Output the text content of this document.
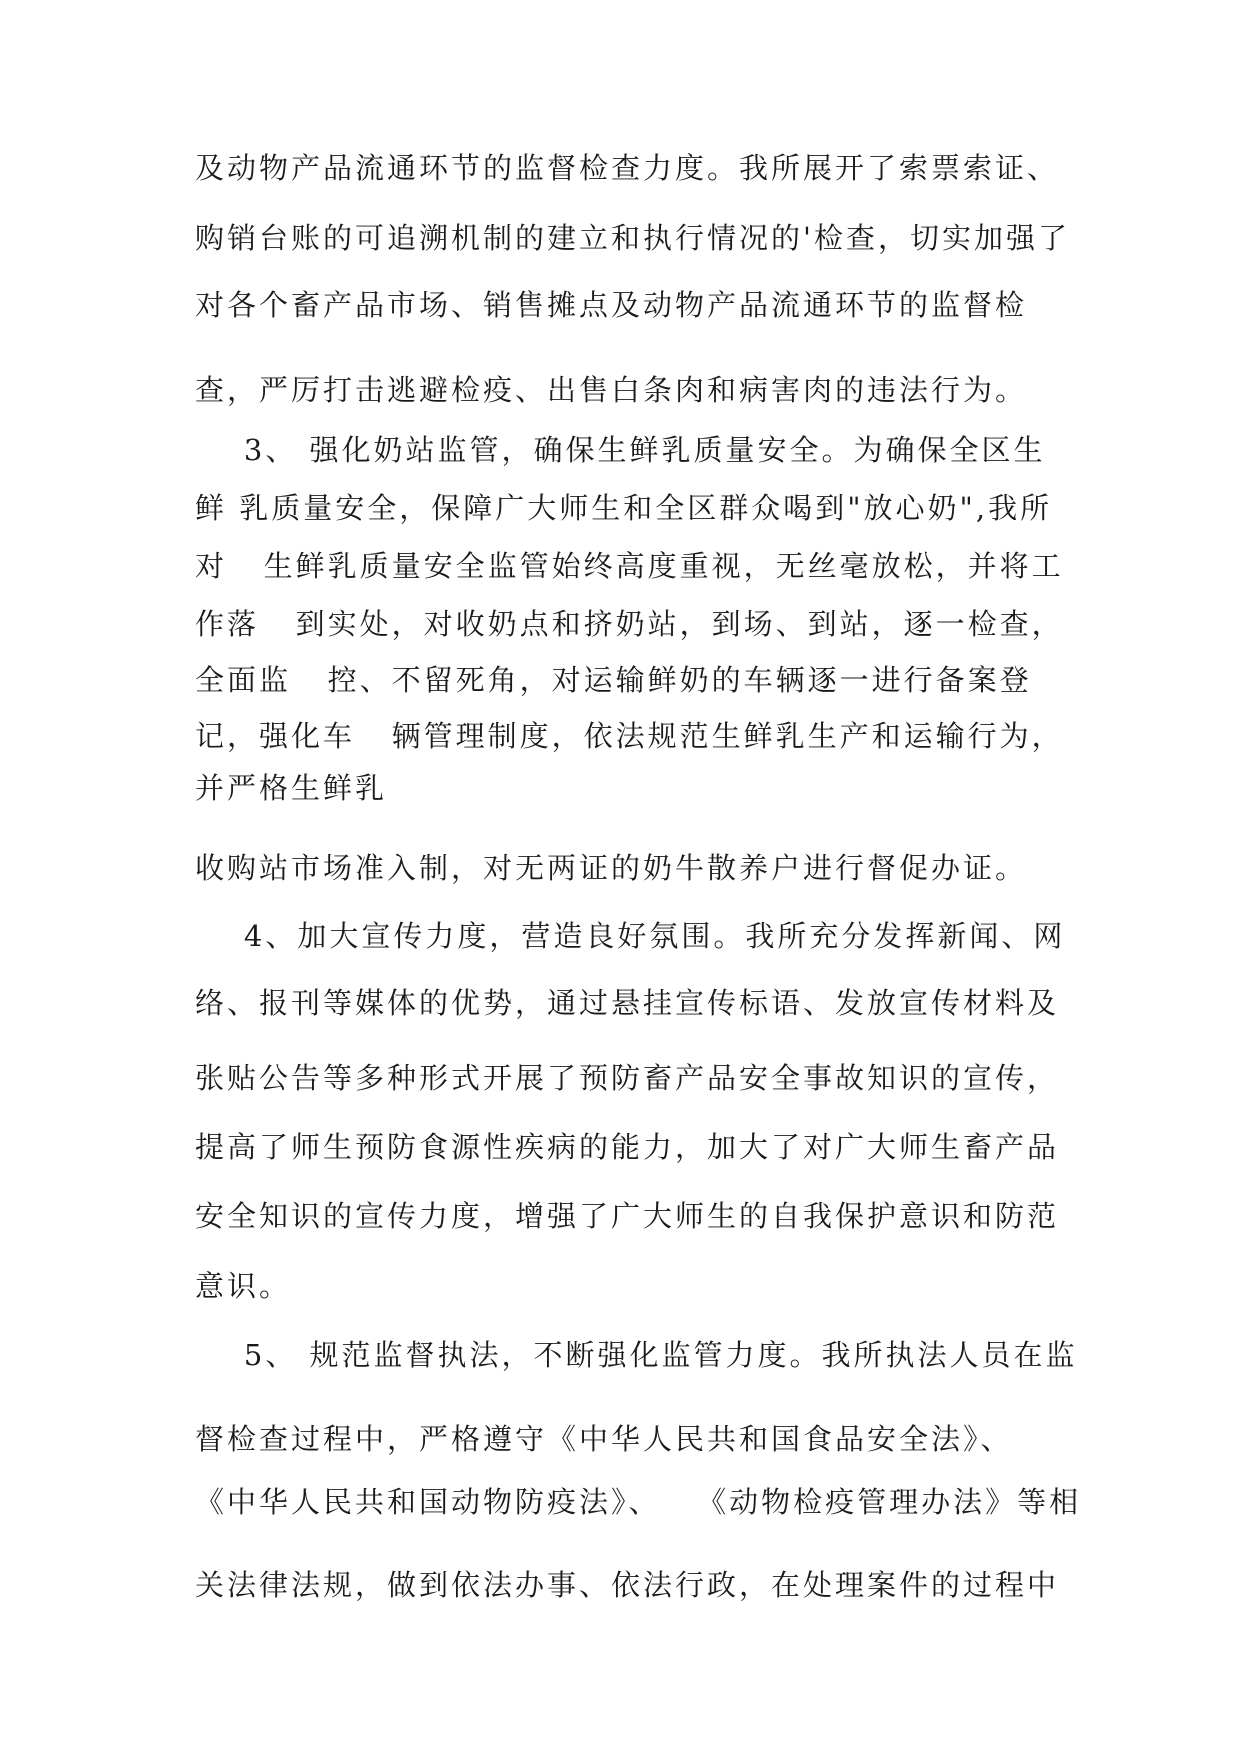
及动物产品流通环节的监督检查力度。我所展开了索票索证、
购销台账的可追溯机制的建立和执行情况的'检查，切实加强了
对各个畜产品市场、销售摊点及动物产品流通环节的监督检
查，严厉打击逃避检疫、出售白条肉和病害肉的违法行为。
3、 强化奶站监管，确保生鲜乳质量安全。为确保全区生
鲜 乳质量安全，保障广大师生和全区群众喝到"放心奶",我所
对   生鲜乳质量安全监管始终高度重视，无丝毫放松，并将工
作落   到实处，对收奶点和挤奶站，到场、到站，逐一检查，
全面监   控、不留死角，对运输鲜奶的车辆逐一进行备案登
记，强化车   辆管理制度，依法规范生鲜乳生产和运输行为，
并严格生鲜乳
收购站市场准入制，对无两证的奶牛散养户进行督促办证。
4、加大宣传力度，营造良好氛围。我所充分发挥新闻、网
络、报刊等媒体的优势，通过悬挂宣传标语、发放宣传材料及
张贴公告等多种形式开展了预防畜产品安全事故知识的宣传，
提高了师生预防食源性疾病的能力，加大了对广大师生畜产品
安全知识的宣传力度，增强了广大师生的自我保护意识和防范
意识。
5、 规范监督执法，不断强化监管力度。我所执法人员在监
督检查过程中，严格遵守《中华人民共和国食品安全法》、
《中华人民共和国动物防疫法》、   《动物检疫管理办法》等相
关法律法规，做到依法办事、依法行政，在处理案件的过程中
